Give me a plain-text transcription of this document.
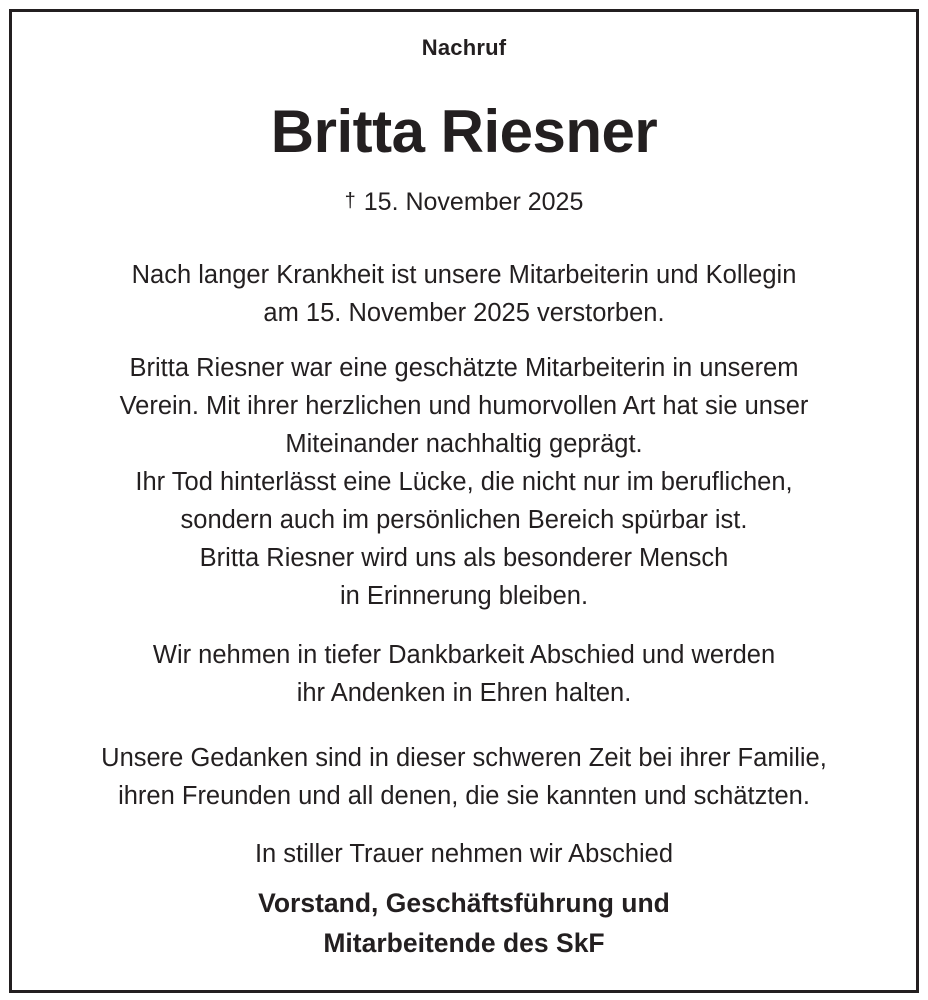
Nachruf
Britta Riesner
† 15. November 2025

Nach langer Krankheit ist unsere Mitarbeiterin und Kollegin
am 15. November 2025 verstorben.

Britta Riesner war eine geschätzte Mitarbeiterin in unserem
Verein. Mit ihrer herzlichen und humorvollen Art hat sie unser
Miteinander nachhaltig geprägt.
Ihr Tod hinterlässt eine Lücke, die nicht nur im beruflichen,
sondern auch im persönlichen Bereich spürbar ist.
Britta Riesner wird uns als besonderer Mensch
in Erinnerung bleiben.

Wir nehmen in tiefer Dankbarkeit Abschied und werden
ihr Andenken in Ehren halten.

Unsere Gedanken sind in dieser schweren Zeit bei ihrer Familie,
ihren Freunden und all denen, die sie kannten und schätzten.

In stiller Trauer nehmen wir Abschied

Vorstand, Geschäftsführung und
Mitarbeitende des SkF
